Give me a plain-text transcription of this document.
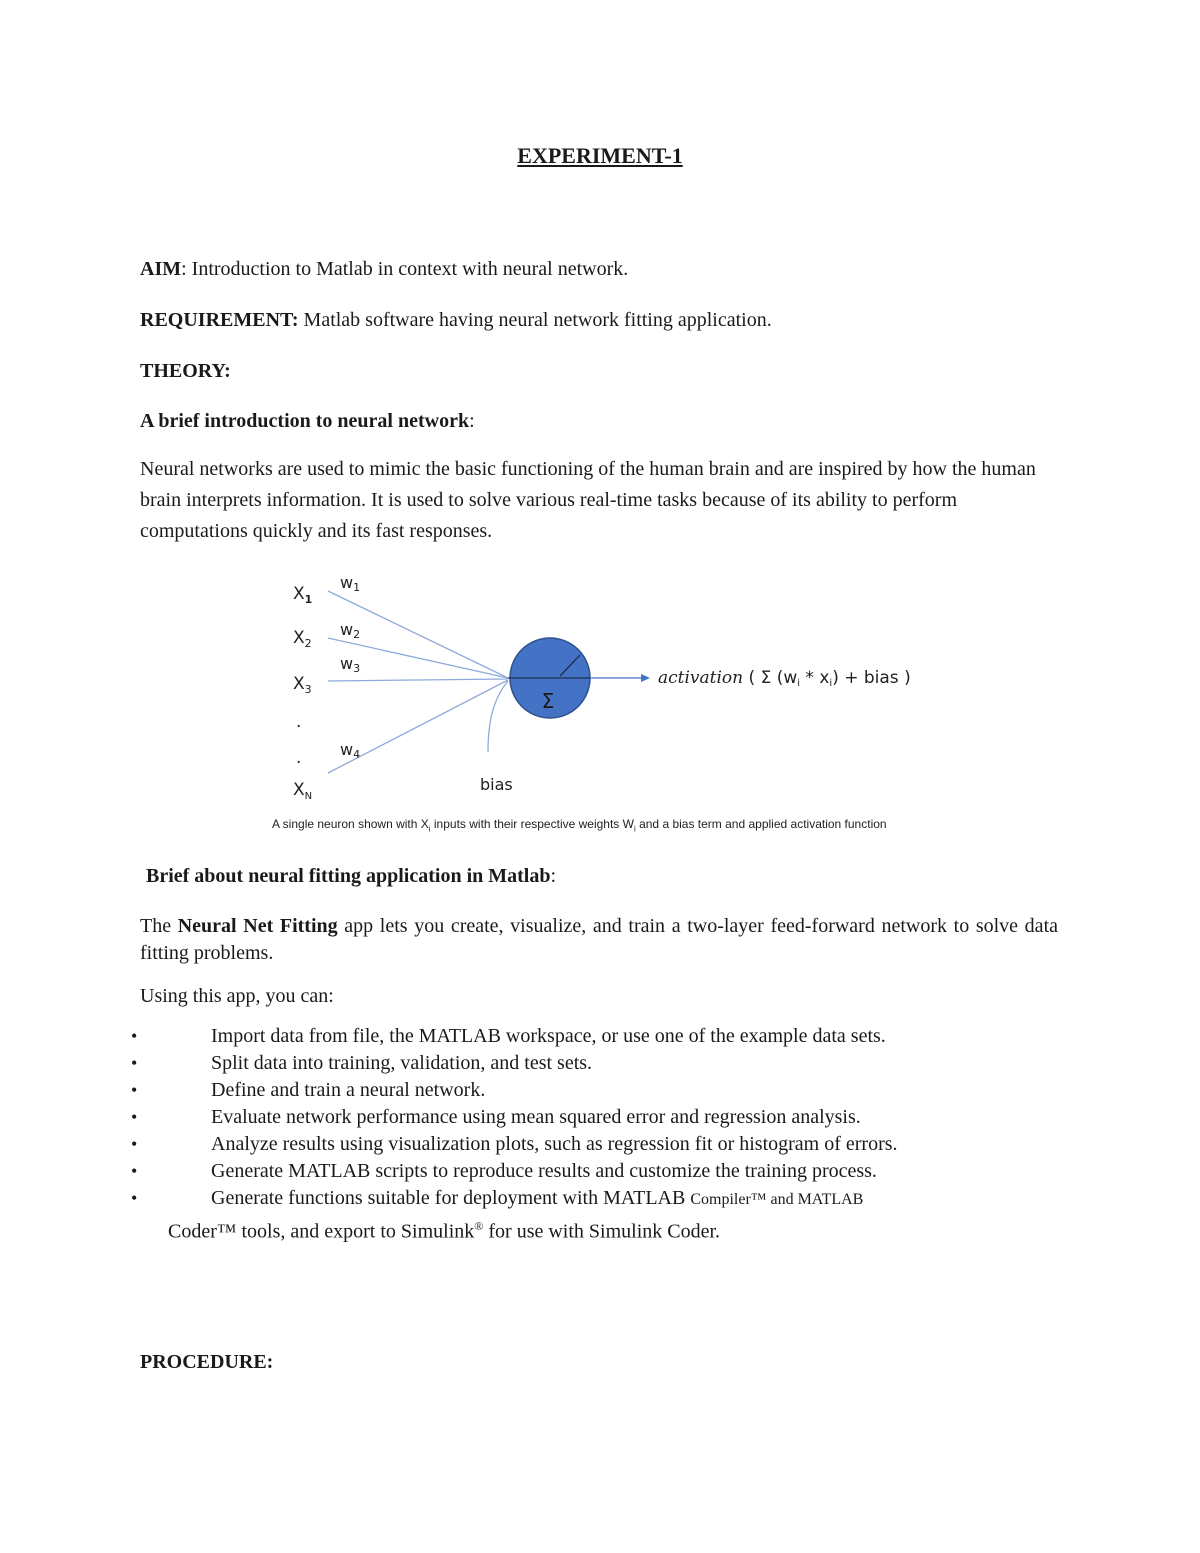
EXPERIMENT-1
AIM: Introduction to Matlab in context with neural network.
REQUIREMENT: Matlab software having neural network fitting application.
THEORY:
A brief introduction to neural network:
Neural networks are used to mimic the basic functioning of the human brain and are inspired by how the human brain interprets information. It is used to solve various real-time tasks because of its ability to perform computations quickly and its fast responses.
Σ
$X_1$
$X_2$
$X_3$
.
.
$X_N$
w1
w2
w3
w4
bias
activation ( Σ (wi * xi) + bias )
A single neuron shown with $X_i$ inputs with their respective weights $W_i$ and a bias term and applied activation function
Brief about neural fitting application in Matlab:
The Neural Net Fitting app lets you create, visualize, and train a two-layer feed-forward network to solve data fitting problems.
Using this app, you can:
•	Import data from file, the MATLAB workspace, or use one of the example data sets.
•	Split data into training, validation, and test sets.
•	Define and train a neural network.
•	Evaluate network performance using mean squared error and regression analysis.
•	Analyze results using visualization plots, such as regression fit or histogram of errors.
•	Generate MATLAB scripts to reproduce results and customize the training process.
•	Generate functions suitable for deployment with MATLAB Compiler™ and MATLAB
Coder™ tools, and export to Simulink® for use with Simulink Coder.
PROCEDURE:
